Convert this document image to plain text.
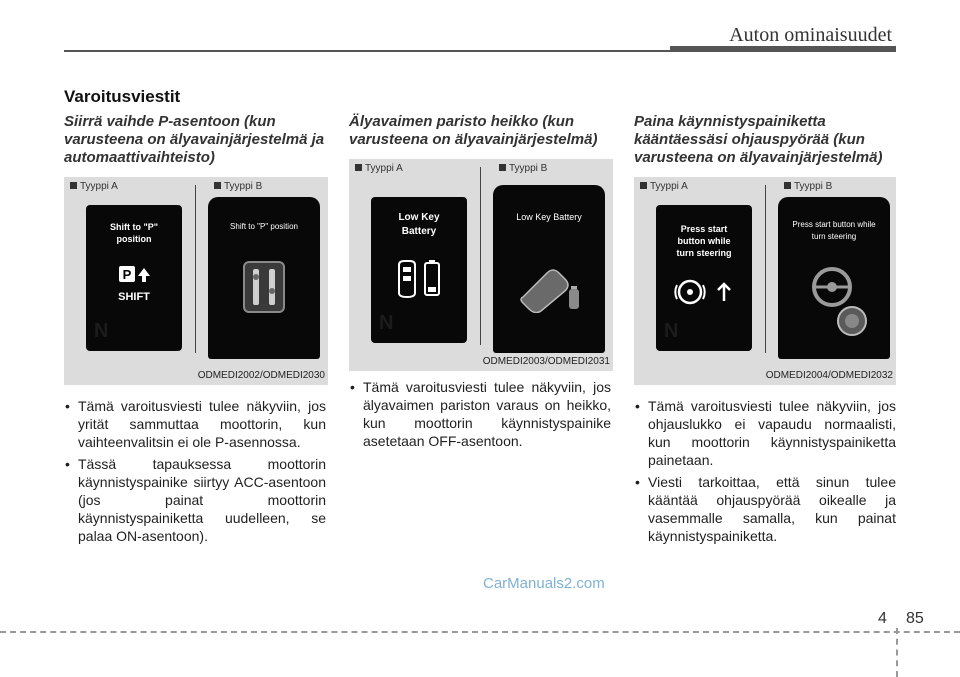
Auton ominaisuudet
Varoitusviestit
Siirrä vaihde P-asentoon (kun varusteena on älyavainjärjestelmä ja automaattivaihteisto)
Tyyppi A	Tyyppi B
Shift to "P" position
P
SHIFT
N
Shift to "P" position
ODMEDI2002/ODMEDI2030
• Tämä varoitusviesti tulee näkyviin, jos yrität sammuttaa moottorin, kun vaihteenvalitsin ei ole P-asennossa.
• Tässä tapauksessa moottorin käynnistyspainike siirtyy ACC-asentoon (jos painat moottorin käynnistyspainiketta uudelleen, se palaa ON-asentoon).
Älyavaimen paristo heikko (kun varusteena on älyavainjärjestelmä)
Tyyppi A	Tyyppi B
Low Key Battery
N
Low Key Battery
ODMEDI2003/ODMEDI2031
• Tämä varoitusviesti tulee näkyviin, jos älyavaimen pariston varaus on heikko, kun moottorin käynnistyspainike asetetaan OFF-asentoon.
Paina käynnistyspainiketta kääntäessäsi ohjauspyörää (kun varusteena on älyavainjärjestelmä)
Tyyppi A	Tyyppi B
Press start button while turn steering
N
Press start button while turn steering
ODMEDI2004/ODMEDI2032
• Tämä varoitusviesti tulee näkyviin, jos ohjauslukko ei vapaudu normaalisti, kun moottorin käynnistyspainiketta painetaan.
• Viesti tarkoittaa, että sinun tulee kääntää ohjauspyörää oikealle ja vasemmalle samalla, kun painat käynnistyspainiketta.
CarManuals2.com
4 85
